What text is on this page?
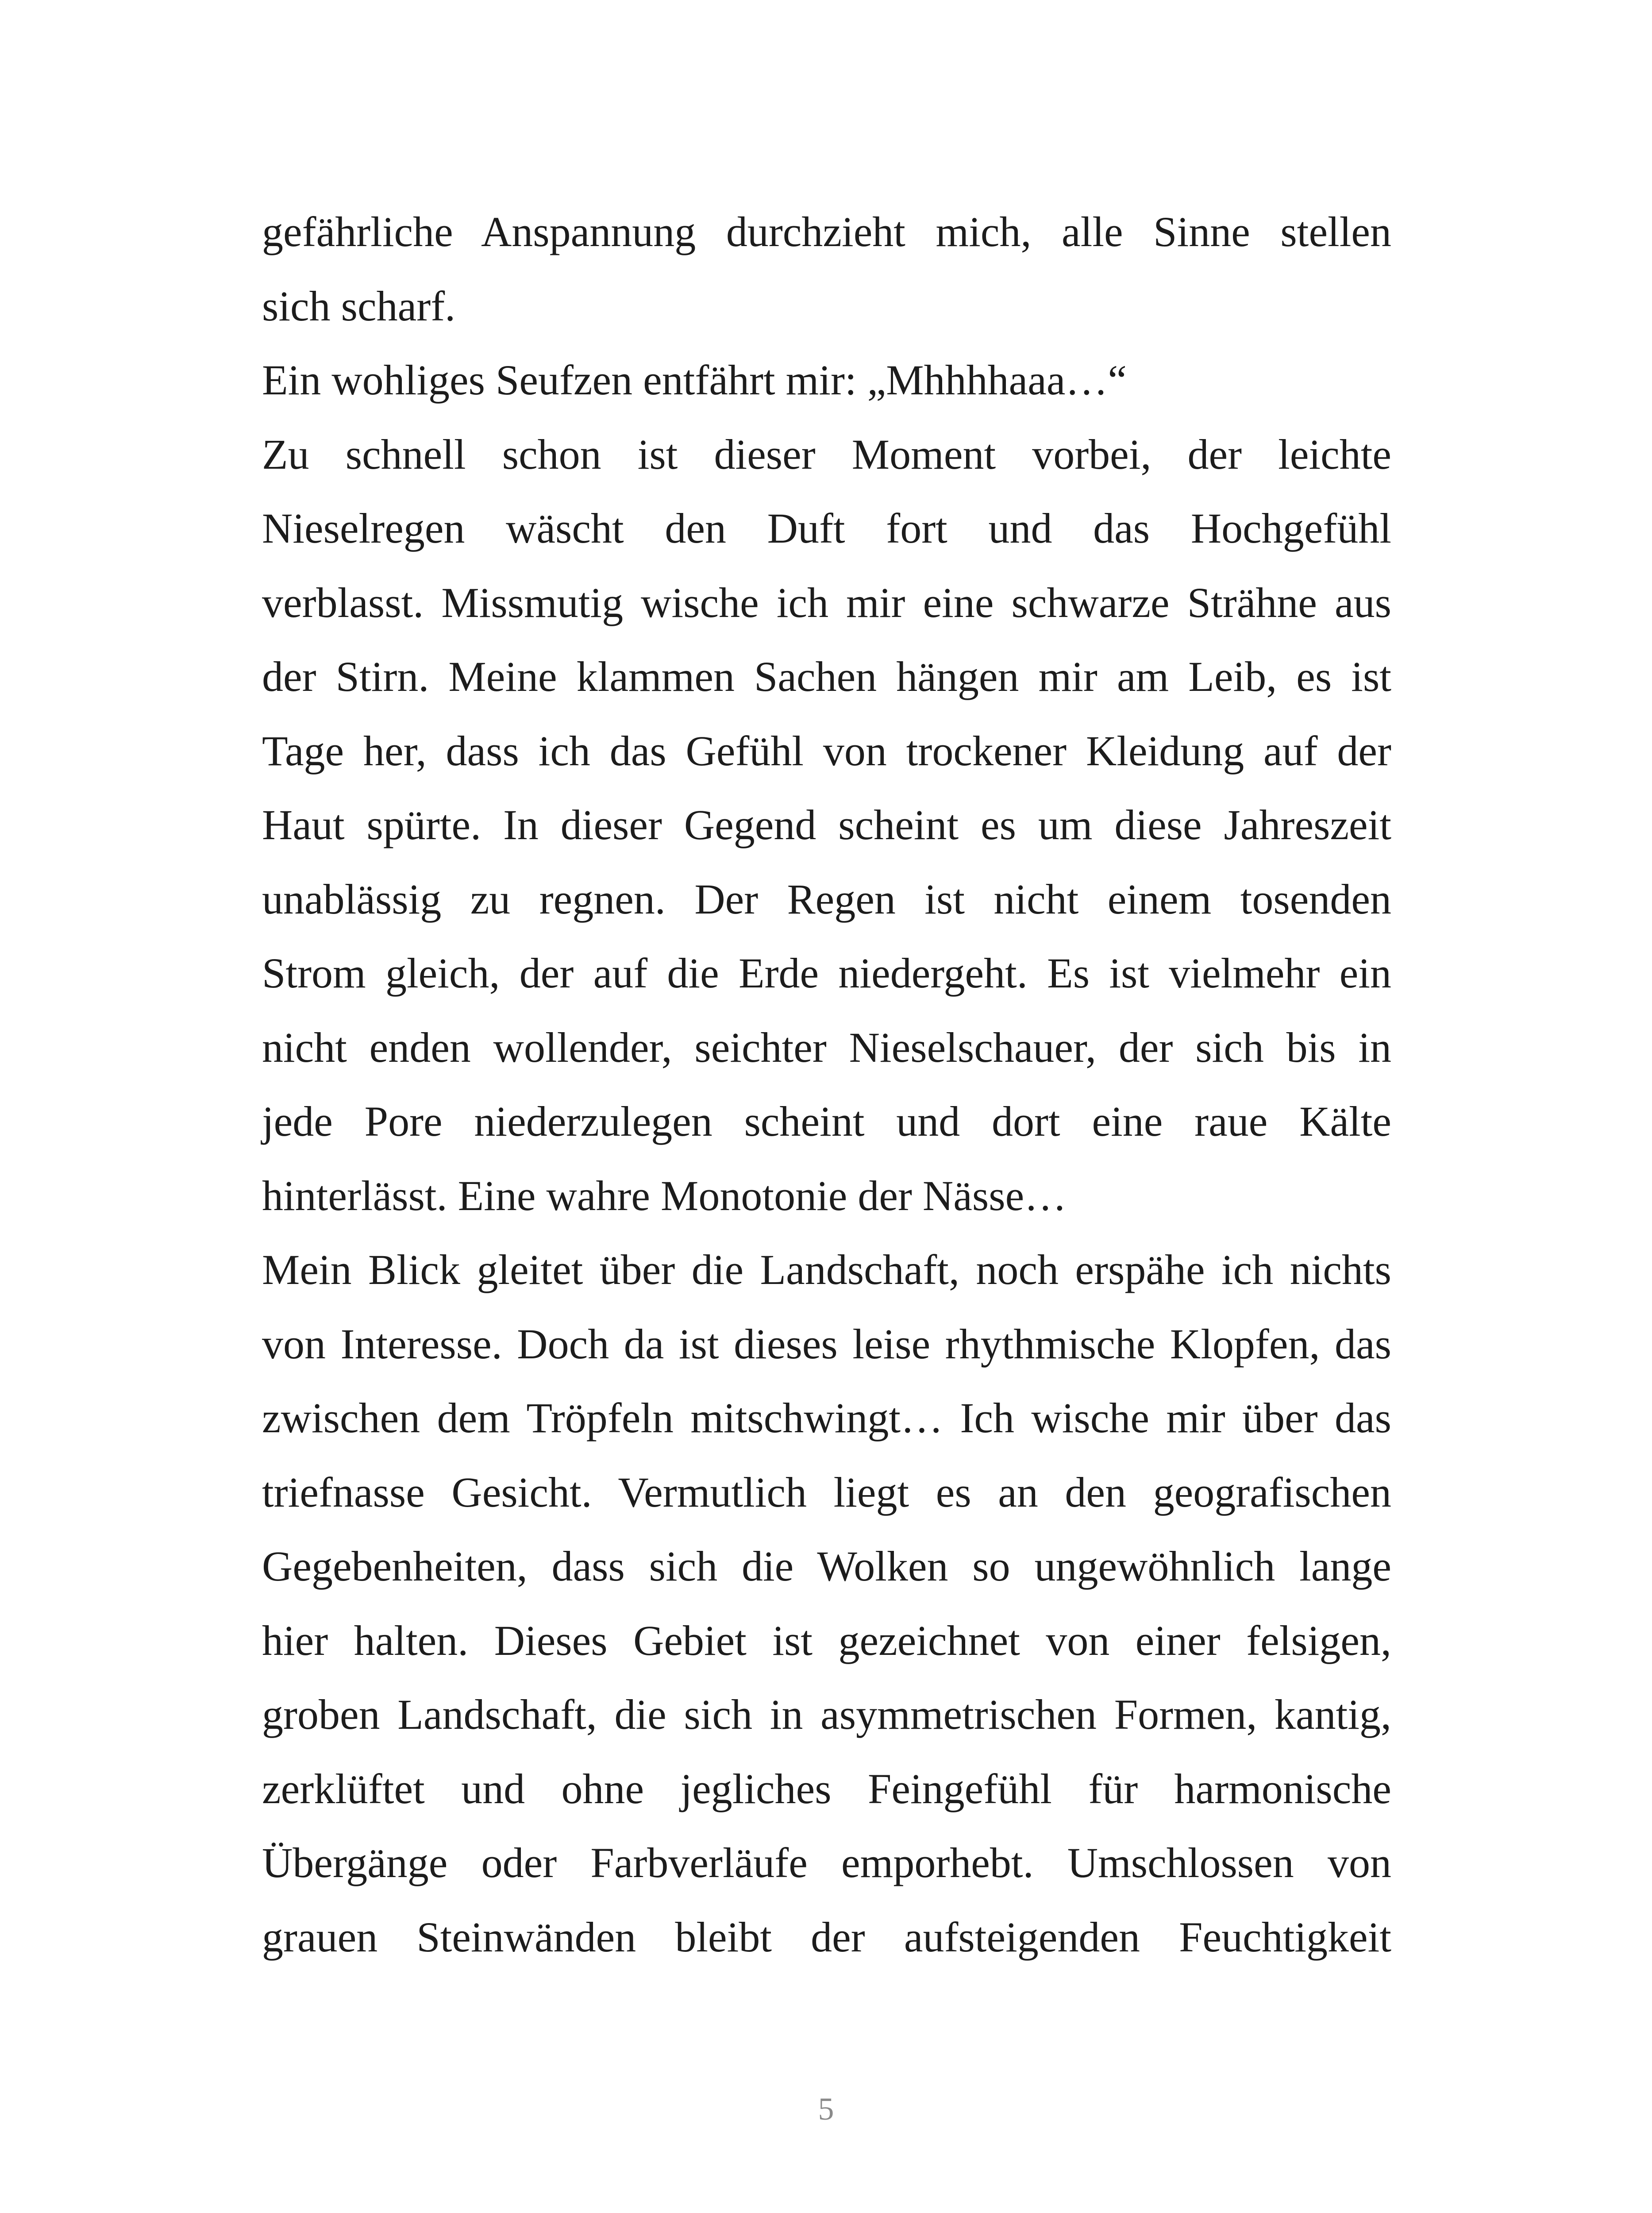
gefährliche Anspannung durchzieht mich, alle Sinne stellen
sich scharf.
Ein wohliges Seufzen entfährt mir: „Mhhhhaaa…“
Zu schnell schon ist dieser Moment vorbei, der leichte
Nieselregen wäscht den Duft fort und das Hochgefühl
verblasst. Missmutig wische ich mir eine schwarze Strähne aus
der Stirn. Meine klammen Sachen hängen mir am Leib, es ist
Tage her, dass ich das Gefühl von trockener Kleidung auf der
Haut spürte. In dieser Gegend scheint es um diese Jahreszeit
unablässig zu regnen. Der Regen ist nicht einem tosenden
Strom gleich, der auf die Erde niedergeht. Es ist vielmehr ein
nicht enden wollender, seichter Nieselschauer, der sich bis in
jede Pore niederzulegen scheint und dort eine raue Kälte
hinterlässt. Eine wahre Monotonie der Nässe…
Mein Blick gleitet über die Landschaft, noch erspähe ich nichts
von Interesse. Doch da ist dieses leise rhythmische Klopfen, das
zwischen dem Tröpfeln mitschwingt… Ich wische mir über das
triefnasse Gesicht. Vermutlich liegt es an den geografischen
Gegebenheiten, dass sich die Wolken so ungewöhnlich lange
hier halten. Dieses Gebiet ist gezeichnet von einer felsigen,
groben Landschaft, die sich in asymmetrischen Formen, kantig,
zerklüftet und ohne jegliches Feingefühl für harmonische
Übergänge oder Farbverläufe emporhebt. Umschlossen von
grauen Steinwänden bleibt der aufsteigenden Feuchtigkeit
5
